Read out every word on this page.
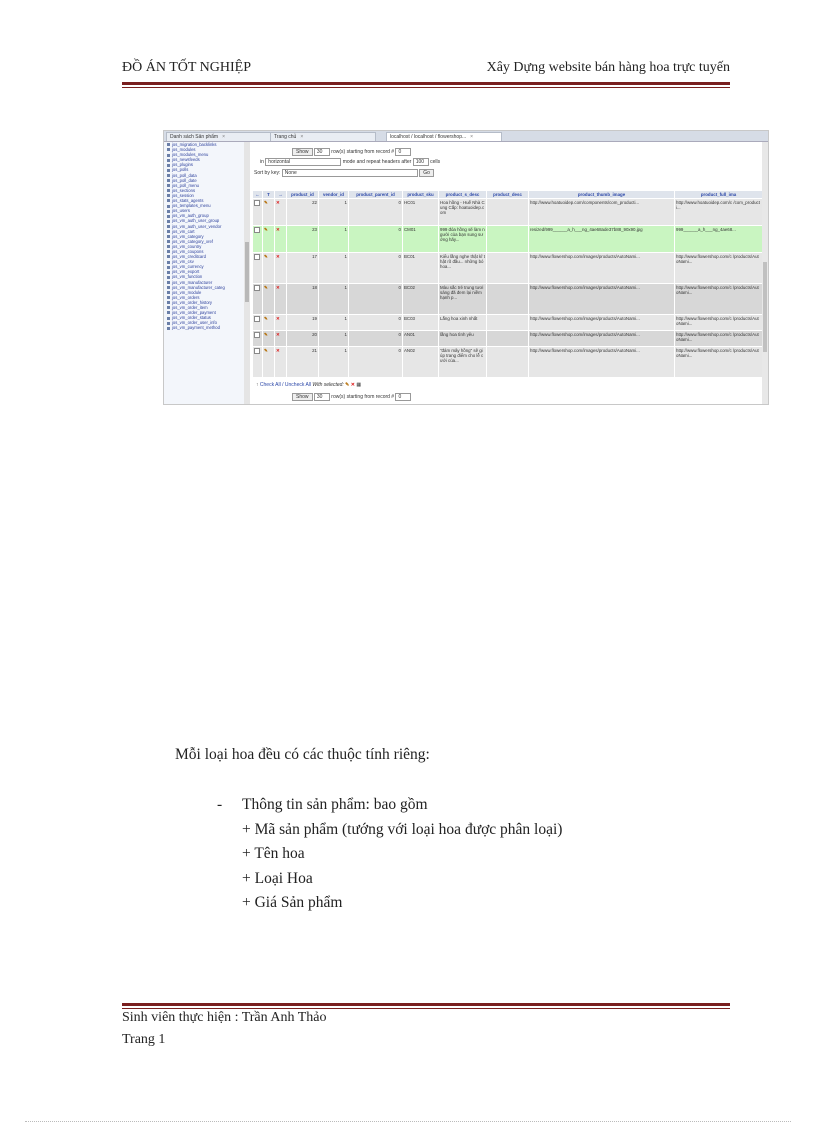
ĐỒ ÁN TỐT NGHIỆP	Xây Dựng website bán hàng hoa trực tuyến
Danh sách Sản phẩm ×	Trang chủ ×	localhost / localhost / flowershop... ×
jos_migration_backlinks
jos_modules
jos_modules_menu
jos_newsfeeds
jos_plugins
jos_polls
jos_poll_data
jos_poll_date
jos_poll_menu
jos_sections
jos_session
jos_stats_agents
jos_templates_menu
jos_users
jos_vm_auth_group
jos_vm_auth_user_group
jos_vm_auth_user_vendor
jos_vm_cart
jos_vm_category
jos_vm_category_xref
jos_vm_country
jos_vm_coupons
jos_vm_creditcard
jos_vm_csv
jos_vm_currency
jos_vm_export
jos_vm_function
jos_vm_manufacturer
jos_vm_manufacturer_categ
jos_vm_module
jos_vm_orders
jos_vm_order_history
jos_vm_order_item
jos_vm_order_payment
jos_vm_order_status
jos_vm_order_user_info
jos_vm_payment_method
Show 30 row(s) starting from record # 0
in horizontal	mode and repeat headers after 100 cells
Sort by key: None	Go
←	T	→	product_id	vendor_id	product_parent_id	product_sku	product_s_desc	product_desc	product_thumb_image	product_full_ima
	✎	✕	22	1	0	HC01	Hoa hồng - Huế Nhà Cung Cấp: hoatuoidep.com		http://www.hoatuoidep.com/components/com_producti...	http://www.hoatuoidep.com/c /com_producti...
	✎	✕	23	1	0	CM01	999 đóa hồng sẽ làm người của bạn sung sướng hãy...		resized/999______a_h___ng_4ae68ade37b88_90x90.jpg	999______a_h___ng_4ae68...
	✎	✕	17	1	0	BC01	Kiểu lẵng nghe thật kĩ thật rõ đầu... những bó hoa...		http://www.flowershop.com/images/products/AutoNami...	http://www.flowershop.com/c /products/AutoNami...
	✎	✕	18	1	0	BC02	Màu sắc trẻ trung tươi sáng đã đem lại niềm hạnh p...		http://www.flowershop.com/images/products/AutoNami...	http://www.flowershop.com/c /products/AutoNami...
	✎	✕	19	1	0	BC03	Lẵng hoa xinh nhất		http://www.flowershop.com/images/products/AutoNami...	http://www.flowershop.com/c /products/AutoNami...
	✎	✕	20	1	0	AN01	lẵng hoa tình yêu		http://www.flowershop.com/images/products/AutoNami...	http://www.flowershop.com/c /products/AutoNami...
	✎	✕	21	1	0	AN02	"đám mây hồng" sẽ giúp trang điểm cho lễ cưới của...		http://www.flowershop.com/images/products/AutoNami...	http://www.flowershop.com/c /products/AutoNami...
↑ Check All / Uncheck All With selected: ✎ ✕ ▦
Show 30 row(s) starting from record # 0
Mỗi loại hoa đều có các thuộc tính riêng:
- Thông tin sản phẩm: bao gồm
+ Mã sản phẩm (tướng với loại hoa được phân loại)
+ Tên hoa
+ Loại Hoa
+ Giá Sản phẩm
Sinh viên thực hiện : Trần Anh Thảo
Trang 1
